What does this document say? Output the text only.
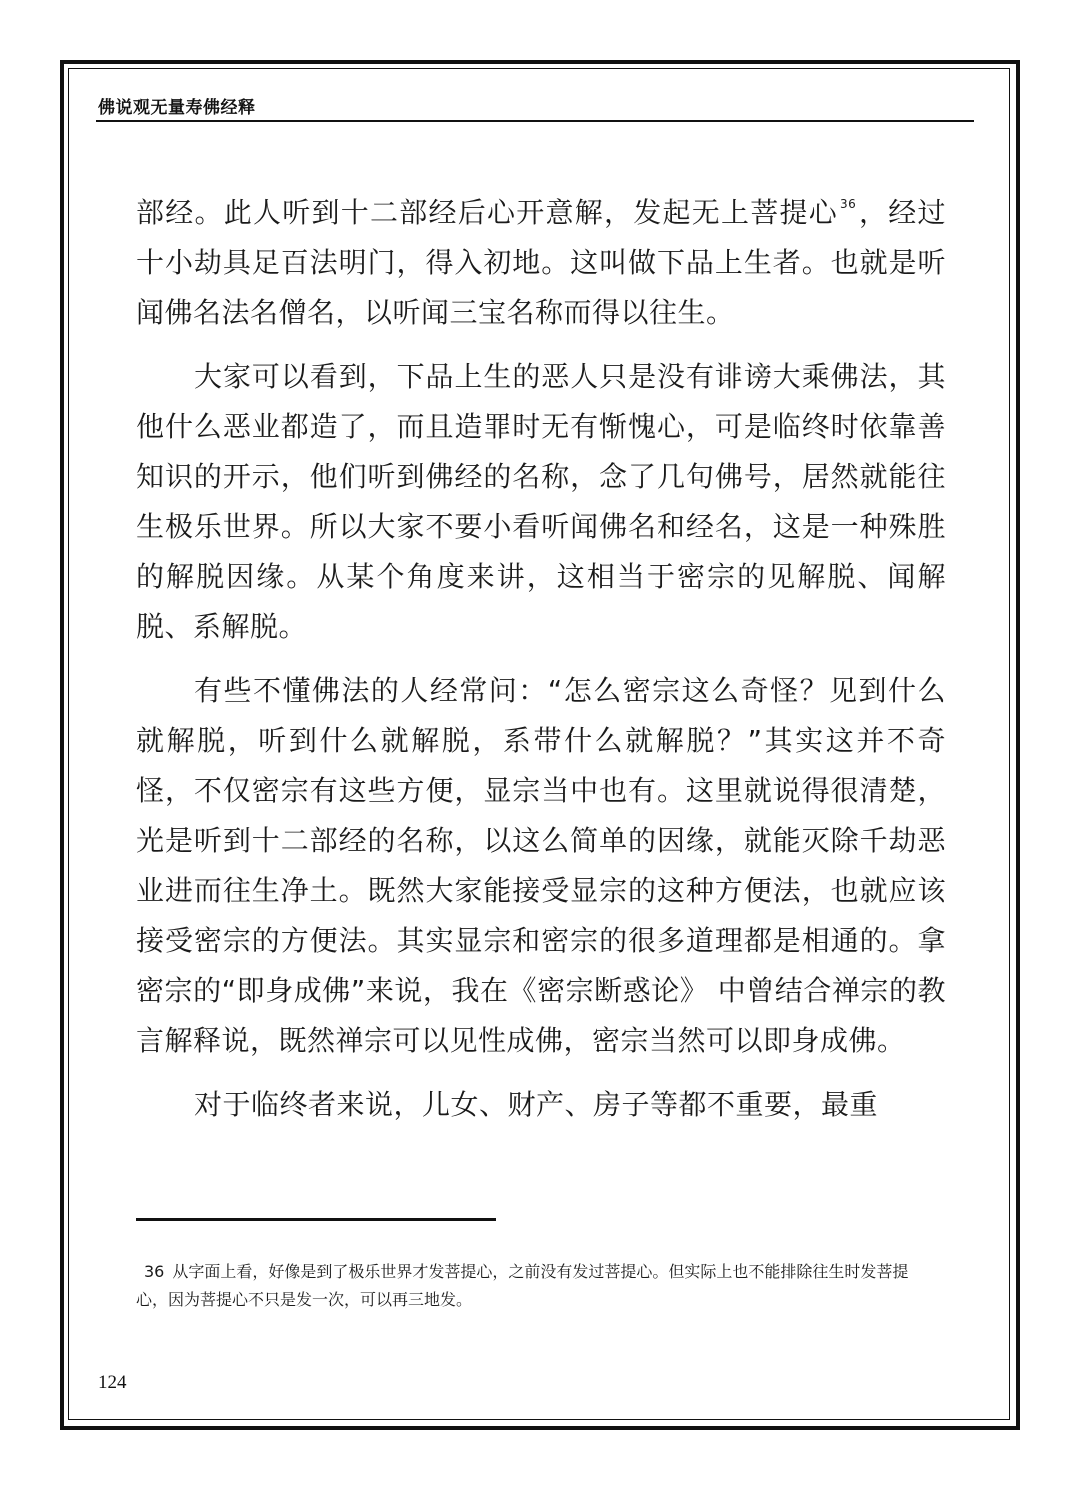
佛说观无量寿佛经释

部经。此人听到十二部经后心开意解，发起无上菩提心 $^{36}$，经过十小劫具足百法明门，得入初地。这叫做下品上生者。也就是听闻佛名法名僧名，以听闻三宝名称而得以往生。

大家可以看到，下品上生的恶人只是没有诽谤大乘佛法，其他什么恶业都造了，而且造罪时无有惭愧心，可是临终时依靠善知识的开示，他们听到佛经的名称，念了几句佛号，居然就能往生极乐世界。所以大家不要小看听闻佛名和经名，这是一种殊胜的解脱因缘。从某个角度来讲，这相当于密宗的见解脱、闻解脱、系解脱。

有些不懂佛法的人经常问：“怎么密宗这么奇怪？见到什么就解脱，听到什么就解脱，系带什么就解脱？”其实这并不奇怪，不仅密宗有这些方便，显宗当中也有。这里就说得很清楚，光是听到十二部经的名称，以这么简单的因缘，就能灭除千劫恶业进而往生净土。既然大家能接受显宗的这种方便法，也就应该接受密宗的方便法。其实显宗和密宗的很多道理都是相通的。拿密宗的“即身成佛”来说，我在《密宗断惑论》 中曾结合禅宗的教言解释说，既然禅宗可以见性成佛，密宗当然可以即身成佛。

对于临终者来说，儿女、财产、房子等都不重要，最重

36 从字面上看，好像是到了极乐世界才发菩提心，之前没有发过菩提心。但实际上也不能排除往生时发菩提心，因为菩提心不只是发一次，可以再三地发。
124
